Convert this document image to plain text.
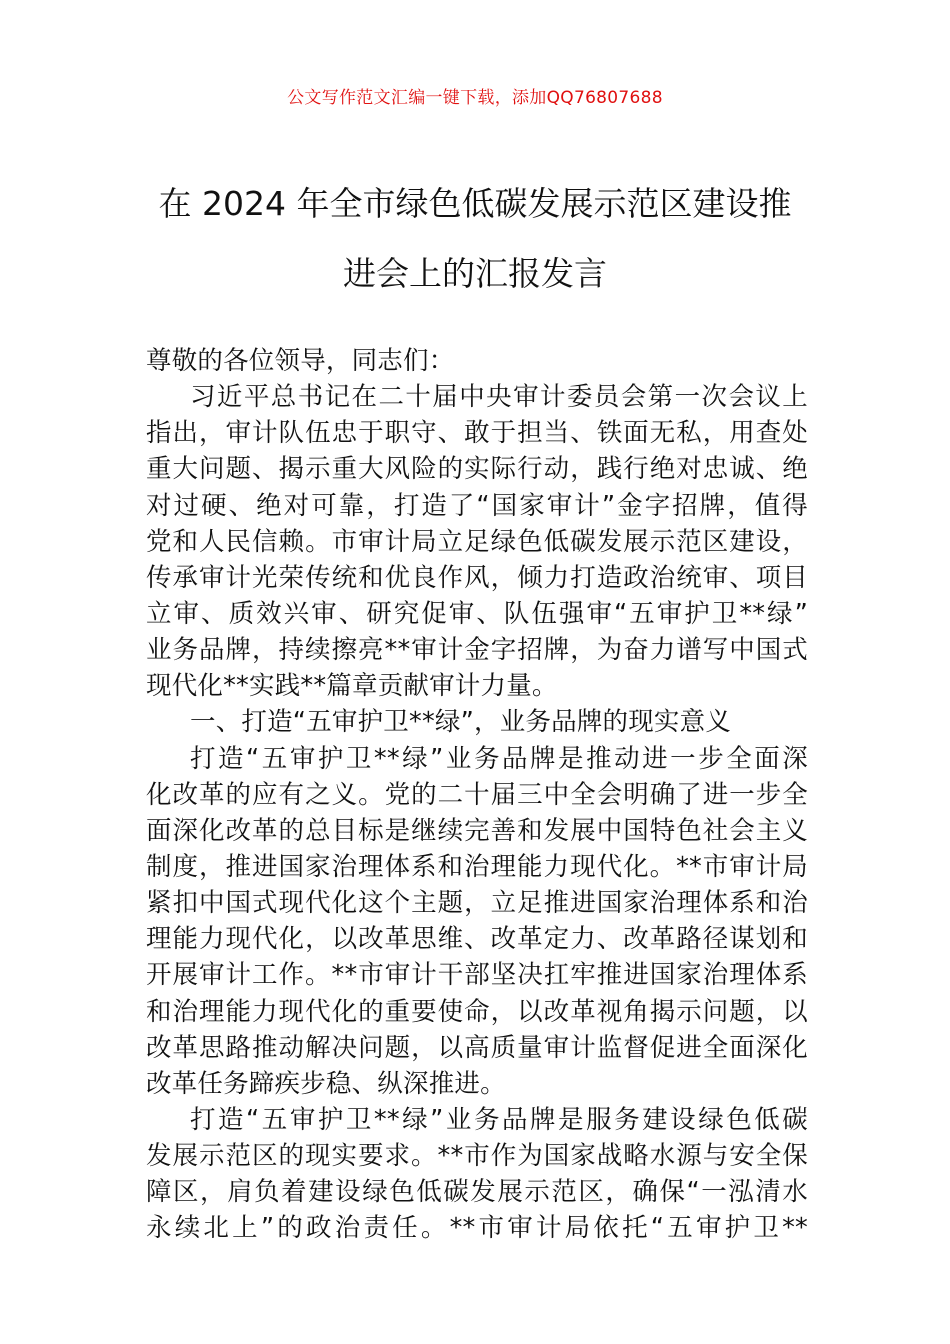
公文写作范文汇编一键下载，添加QQ76807688
在 2024 年全市绿色低碳发展示范区建设推
进会上的汇报发言
尊敬的各位领导，同志们：
习近平总书记在二十届中央审计委员会第一次会议上
指出，审计队伍忠于职守、敢于担当、铁面无私，用查处
重大问题、揭示重大风险的实际行动，践行绝对忠诚、绝
对过硬、绝对可靠，打造了“国家审计”金字招牌，值得
党和人民信赖。市审计局立足绿色低碳发展示范区建设，
传承审计光荣传统和优良作风，倾力打造政治统审、项目
立审、质效兴审、研究促审、队伍强审“五审护卫**绿”
业务品牌，持续擦亮**审计金字招牌，为奋力谱写中国式
现代化**实践**篇章贡献审计力量。
一、打造“五审护卫**绿”，业务品牌的现实意义
打造“五审护卫**绿”业务品牌是推动进一步全面深
化改革的应有之义。党的二十届三中全会明确了进一步全
面深化改革的总目标是继续完善和发展中国特色社会主义
制度，推进国家治理体系和治理能力现代化。**市审计局
紧扣中国式现代化这个主题，立足推进国家治理体系和治
理能力现代化，以改革思维、改革定力、改革路径谋划和
开展审计工作。**市审计干部坚决扛牢推进国家治理体系
和治理能力现代化的重要使命，以改革视角揭示问题，以
改革思路推动解决问题，以高质量审计监督促进全面深化
改革任务蹄疾步稳、纵深推进。
打造“五审护卫**绿”业务品牌是服务建设绿色低碳
发展示范区的现实要求。**市作为国家战略水源与安全保
障区，肩负着建设绿色低碳发展示范区，确保“一泓清水
永续北上”的政治责任。**市审计局依托“五审护卫**
